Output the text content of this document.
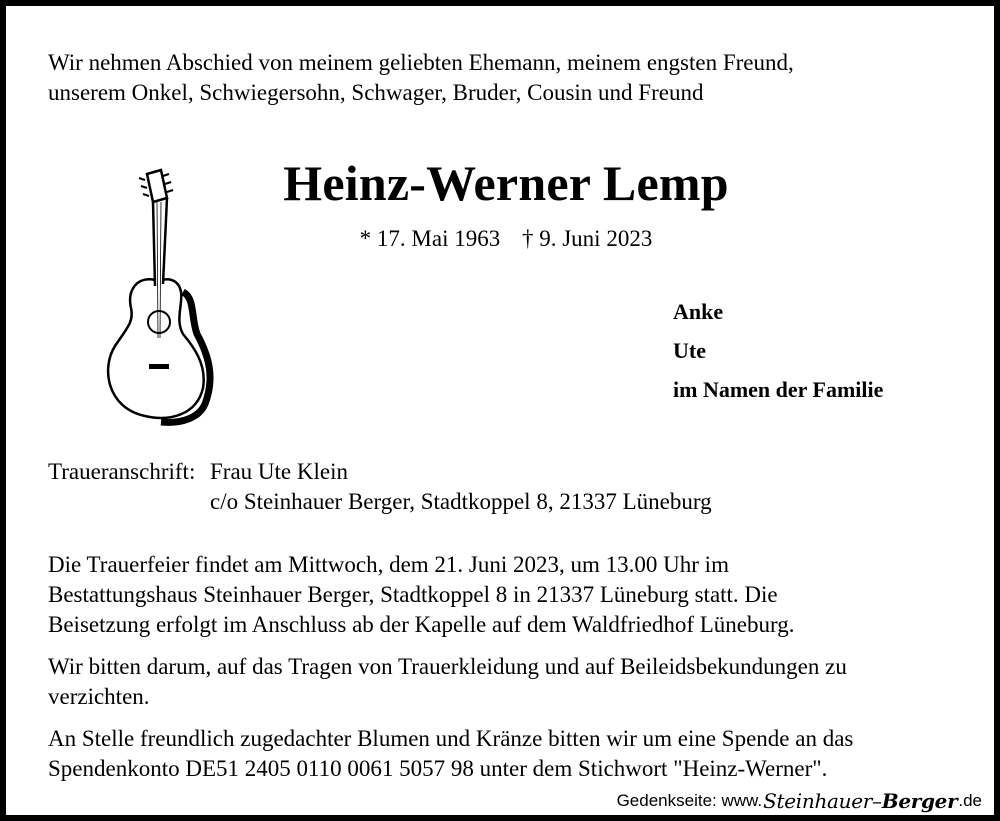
Wir nehmen Abschied von meinem geliebten Ehemann, meinem engsten Freund,
unserem Onkel, Schwiegersohn, Schwager, Bruder, Cousin und Freund
Heinz-Werner Lemp
* 17. Mai 1963 † 9. Juni 2023
Anke
Ute
im Namen der Familie
Traueranschrift: Frau Ute Klein
c/o Steinhauer Berger, Stadtkoppel 8, 21337 Lüneburg
Die Trauerfeier findet am Mittwoch, dem 21. Juni 2023, um 13.00 Uhr im
Bestattungshaus Steinhauer Berger, Stadtkoppel 8 in 21337 Lüneburg statt. Die
Beisetzung erfolgt im Anschluss ab der Kapelle auf dem Waldfriedhof Lüneburg.
Wir bitten darum, auf das Tragen von Trauerkleidung und auf Beileidsbekundungen zu
verzichten.
An Stelle freundlich zugedachter Blumen und Kränze bitten wir um eine Spende an das
Spendenkonto DE51 2405 0110 0061 5057 98 unter dem Stichwort "Heinz-Werner".
Gedenkseite: www. Steinhauer–Berger .de
